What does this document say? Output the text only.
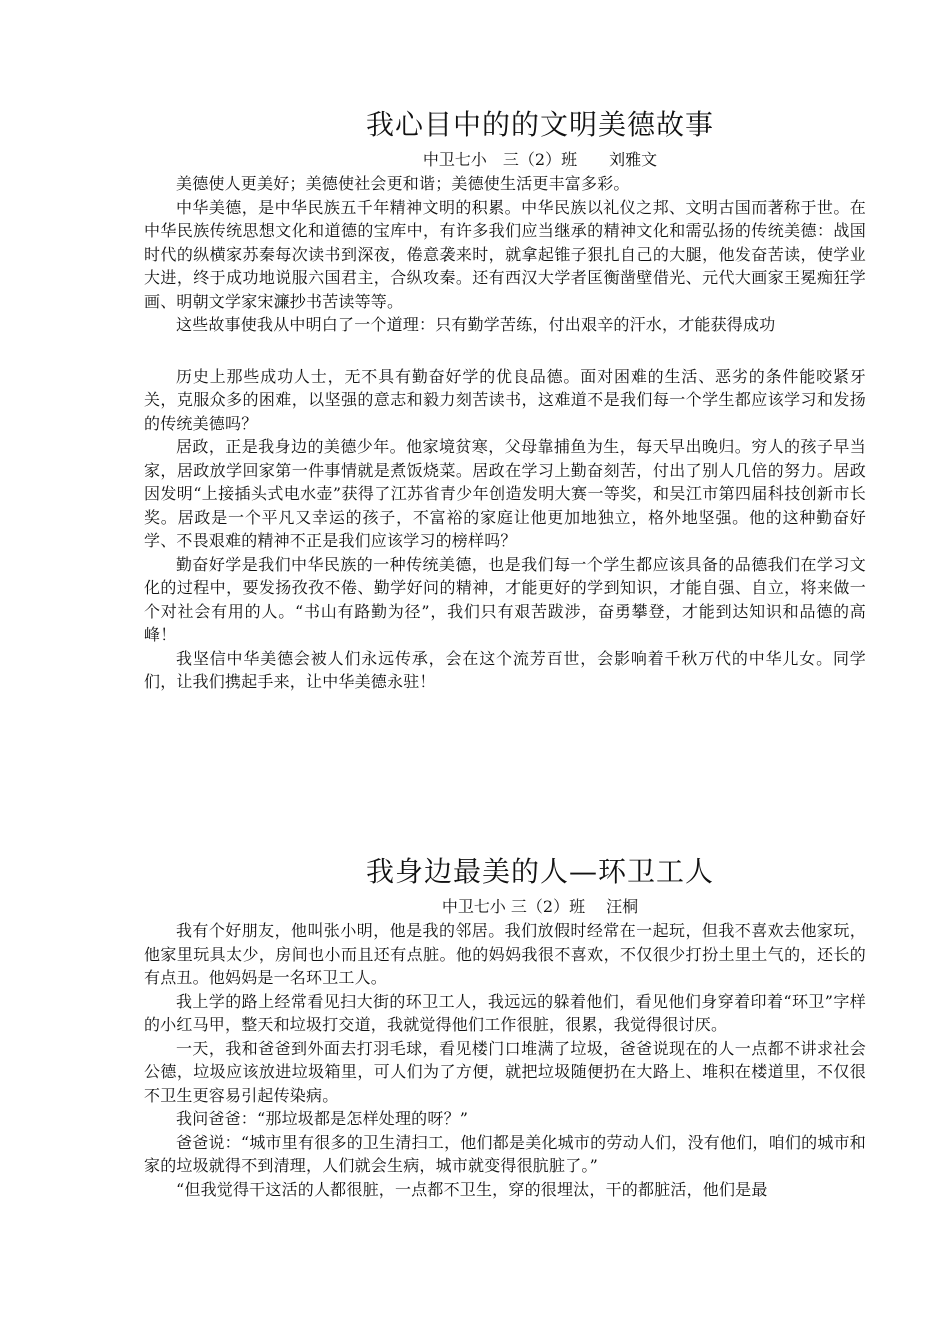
我心目中的的文明美德故事

中卫七小　三（2）班　　刘雅文

美德使人更美好；美德使社会更和谐；美德使生活更丰富多彩。

中华美德，是中华民族五千年精神文明的积累。中华民族以礼仪之邦、文明古国而著称于世。在中华民族传统思想文化和道德的宝库中，有许多我们应当继承的精神文化和需弘扬的传统美德：战国时代的纵横家苏秦每次读书到深夜，倦意袭来时，就拿起锥子狠扎自己的大腿，他发奋苦读，使学业大进，终于成功地说服六国君主，合纵攻秦。还有西汉大学者匡衡凿壁借光、元代大画家王冕痴狂学画、明朝文学家宋濂抄书苦读等等。

这些故事使我从中明白了一个道理：只有勤学苦练，付出艰辛的汗水，才能获得成功

历史上那些成功人士，无不具有勤奋好学的优良品德。面对困难的生活、恶劣的条件能咬紧牙关，克服众多的困难，以坚强的意志和毅力刻苦读书，这难道不是我们每一个学生都应该学习和发扬的传统美德吗？

居政，正是我身边的美德少年。他家境贫寒，父母靠捕鱼为生，每天早出晚归。穷人的孩子早当家，居政放学回家第一件事情就是煮饭烧菜。居政在学习上勤奋刻苦，付出了别人几倍的努力。居政因发明“上接插头式电水壶”获得了江苏省青少年创造发明大赛一等奖，和吴江市第四届科技创新市长奖。居政是一个平凡又幸运的孩子，不富裕的家庭让他更加地独立，格外地坚强。他的这种勤奋好学、不畏艰难的精神不正是我们应该学习的榜样吗？

勤奋好学是我们中华民族的一种传统美德，也是我们每一个学生都应该具备的品德我们在学习文化的过程中，要发扬孜孜不倦、勤学好问的精神，才能更好的学到知识，才能自强、自立，将来做一个对社会有用的人。“书山有路勤为径”，我们只有艰苦跋涉，奋勇攀登，才能到达知识和品德的高峰！

我坚信中华美德会被人们永远传承，会在这个流芳百世，会影响着千秋万代的中华儿女。同学们，让我们携起手来，让中华美德永驻！

我身边最美的人—环卫工人

中卫七小 三（2）班　 汪桐

我有个好朋友，他叫张小明，他是我的邻居。我们放假时经常在一起玩，但我不喜欢去他家玩，他家里玩具太少，房间也小而且还有点脏。他的妈妈我很不喜欢，不仅很少打扮土里土气的，还长的有点丑。他妈妈是一名环卫工人。

我上学的路上经常看见扫大街的环卫工人，我远远的躲着他们，看见他们身穿着印着“环卫”字样的小红马甲，整天和垃圾打交道，我就觉得他们工作很脏，很累，我觉得很讨厌。

一天，我和爸爸到外面去打羽毛球，看见楼门口堆满了垃圾，爸爸说现在的人一点都不讲求社会公德，垃圾应该放进垃圾箱里，可人们为了方便，就把垃圾随便扔在大路上、堆积在楼道里，不仅很不卫生更容易引起传染病。

我问爸爸：“那垃圾都是怎样处理的呀？”

爸爸说：“城市里有很多的卫生清扫工，他们都是美化城市的劳动人们，没有他们，咱们的城市和家的垃圾就得不到清理，人们就会生病，城市就变得很肮脏了。”

“但我觉得干这活的人都很脏，一点都不卫生，穿的很埋汰，干的都脏活，他们是最
